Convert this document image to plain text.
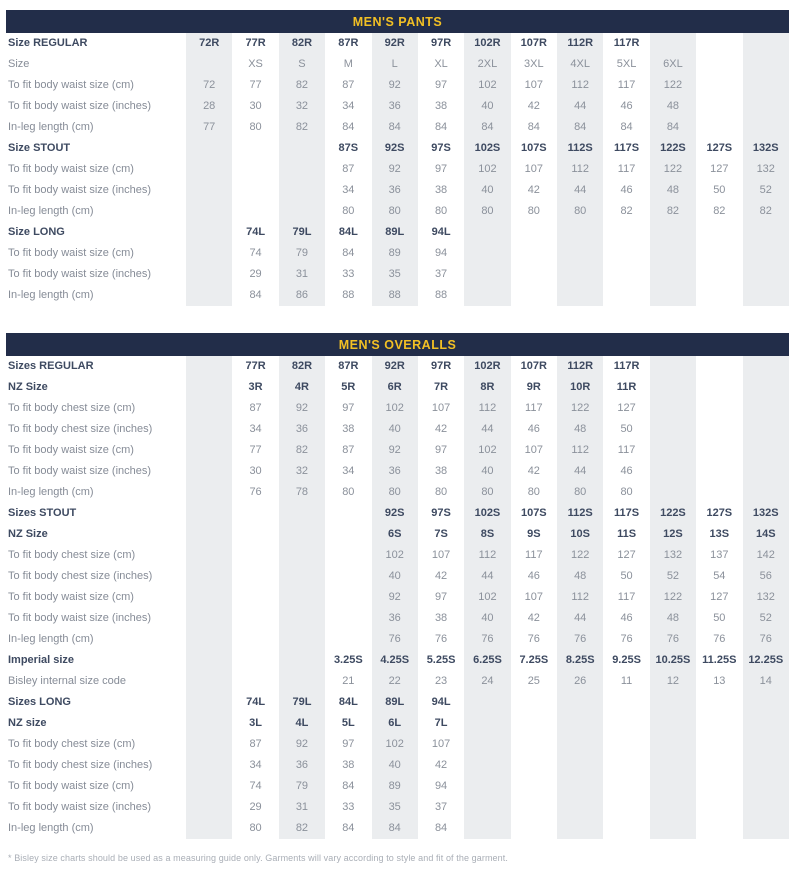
MEN'S PANTS
Size REGULAR	72R	77R	82R	87R	92R	97R	102R	107R	112R	117R			
Size		XS	S	M	L	XL	2XL	3XL	4XL	5XL	6XL		
To fit body waist size (cm)	72	77	82	87	92	97	102	107	112	117	122		
To fit body waist size (inches)	28	30	32	34	36	38	40	42	44	46	48		
In-leg length (cm)	77	80	82	84	84	84	84	84	84	84	84		
Size STOUT				87S	92S	97S	102S	107S	112S	117S	122S	127S	132S
To fit body waist size (cm)				87	92	97	102	107	112	117	122	127	132
To fit body waist size (inches)				34	36	38	40	42	44	46	48	50	52
In-leg length (cm)				80	80	80	80	80	80	82	82	82	82
Size LONG		74L	79L	84L	89L	94L							
To fit body waist size (cm)		74	79	84	89	94							
To fit body waist size (inches)		29	31	33	35	37							
In-leg length (cm)		84	86	88	88	88							
MEN'S OVERALLS
Sizes REGULAR		77R	82R	87R	92R	97R	102R	107R	112R	117R			
NZ Size		3R	4R	5R	6R	7R	8R	9R	10R	11R			
To fit body chest size (cm)		87	92	97	102	107	112	117	122	127			
To fit body chest size (inches)		34	36	38	40	42	44	46	48	50			
To fit body waist size (cm)		77	82	87	92	97	102	107	112	117			
To fit body waist size (inches)		30	32	34	36	38	40	42	44	46			
In-leg length (cm)		76	78	80	80	80	80	80	80	80			
Sizes STOUT					92S	97S	102S	107S	112S	117S	122S	127S	132S
NZ Size					6S	7S	8S	9S	10S	11S	12S	13S	14S
To fit body chest size (cm)					102	107	112	117	122	127	132	137	142
To fit body chest size (inches)					40	42	44	46	48	50	52	54	56
To fit body waist size (cm)					92	97	102	107	112	117	122	127	132
To fit body waist size (inches)					36	38	40	42	44	46	48	50	52
In-leg length (cm)					76	76	76	76	76	76	76	76	76
Imperial size				3.25S	4.25S	5.25S	6.25S	7.25S	8.25S	9.25S	10.25S	11.25S	12.25S
Bisley internal size code				21	22	23	24	25	26	11	12	13	14
Sizes LONG		74L	79L	84L	89L	94L							
NZ size		3L	4L	5L	6L	7L							
To fit body chest size (cm)		87	92	97	102	107							
To fit body chest size (inches)		34	36	38	40	42							
To fit body waist size (cm)		74	79	84	89	94							
To fit body waist size (inches)		29	31	33	35	37							
In-leg length (cm)		80	82	84	84	84							

* Bisley size charts should be used as a measuring guide only. Garments will vary according to style and fit of the garment.
